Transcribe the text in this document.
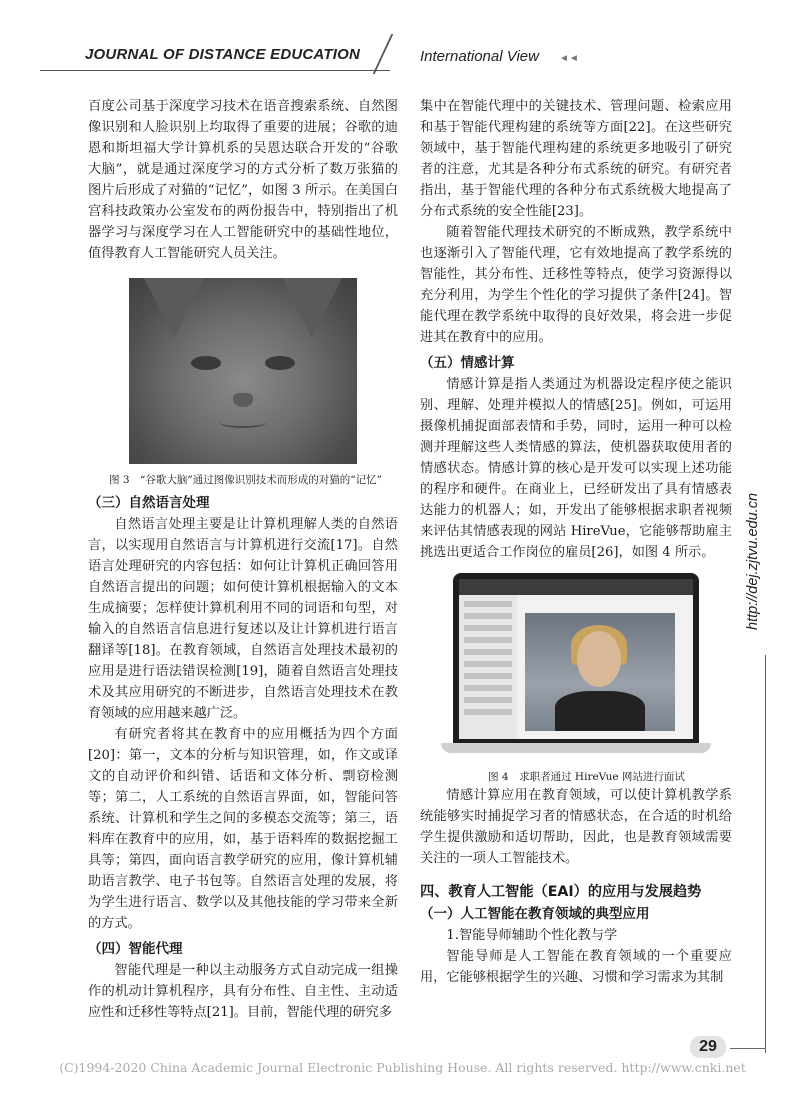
JOURNAL OF DISTANCE EDUCATION	International View ◄◄

百度公司基于深度学习技术在语音搜索系统、自然图像识别和人脸识别上均取得了重要的进展；谷歌的迪恩和斯坦福大学计算机系的吴恩达联合开发的“谷歌大脑”，就是通过深度学习的方式分析了数万张猫的图片后形成了对猫的“记忆”，如图 3 所示。在美国白宫科技政策办公室发布的两份报告中，特别指出了机器学习与深度学习在人工智能研究中的基础性地位，值得教育人工智能研究人员关注。

图 3　“谷歌大脑”通过图像识别技术而形成的对猫的“记忆”

（三）自然语言处理

自然语言处理主要是让计算机理解人类的自然语言，以实现用自然语言与计算机进行交流[17]。自然语言处理研究的内容包括：如何让计算机正确回答用自然语言提出的问题；如何使计算机根据输入的文本生成摘要；怎样使计算机利用不同的词语和句型，对输入的自然语言信息进行复述以及让计算机进行语言翻译等[18]。在教育领域，自然语言处理技术最初的应用是进行语法错误检测[19]，随着自然语言处理技术及其应用研究的不断进步，自然语言处理技术在教育领域的应用越来越广泛。

有研究者将其在教育中的应用概括为四个方面[20]：第一，文本的分析与知识管理，如，作文或译文的自动评价和纠错、话语和文体分析、剽窃检测等；第二，人工系统的自然语言界面，如，智能问答系统、计算机和学生之间的多模态交流等；第三，语料库在教育中的应用，如，基于语料库的数据挖掘工具等；第四，面向语言教学研究的应用，像计算机辅助语言教学、电子书包等。自然语言处理的发展，将为学生进行语言、数学以及其他技能的学习带来全新的方式。

（四）智能代理

智能代理是一种以主动服务方式自动完成一组操作的机动计算机程序，具有分布性、自主性、主动适应性和迁移性等特点[21]。目前，智能代理的研究多

集中在智能代理中的关键技术、管理问题、检索应用和基于智能代理构建的系统等方面[22]。在这些研究领域中，基于智能代理构建的系统更多地吸引了研究者的注意，尤其是各种分布式系统的研究。有研究者指出，基于智能代理的各种分布式系统极大地提高了分布式系统的安全性能[23]。

随着智能代理技术研究的不断成熟，教学系统中也逐渐引入了智能代理，它有效地提高了教学系统的智能性，其分布性、迁移性等特点，使学习资源得以充分利用，为学生个性化的学习提供了条件[24]。智能代理在教学系统中取得的良好效果，将会进一步促进其在教育中的应用。

（五）情感计算

情感计算是指人类通过为机器设定程序使之能识别、理解、处理并模拟人的情感[25]。例如，可运用摄像机捕捉面部表情和手势，同时，运用一种可以检测并理解这些人类情感的算法，使机器获取使用者的情感状态。情感计算的核心是开发可以实现上述功能的程序和硬件。在商业上，已经研发出了具有情感表达能力的机器人；如，开发出了能够根据求职者视频来评估其情感表现的网站 HireVue，它能够帮助雇主挑选出更适合工作岗位的雇员[26]，如图 4 所示。

图 4　求职者通过 HireVue 网站进行面试

情感计算应用在教育领域，可以使计算机教学系统能够实时捕捉学习者的情感状态，在合适的时机给学生提供激励和适切帮助，因此，也是教育领域需要关注的一项人工智能技术。

四、教育人工智能（EAI）的应用与发展趋势
（一）人工智能在教育领域的典型应用

1.智能导师辅助个性化教与学

智能导师是人工智能在教育领域的一个重要应用，它能够根据学生的兴趣、习惯和学习需求为其制

http://dej.zjtvu.edu.cn
29
(C)1994-2020 China Academic Journal Electronic Publishing House. All rights reserved. http://www.cnki.net
